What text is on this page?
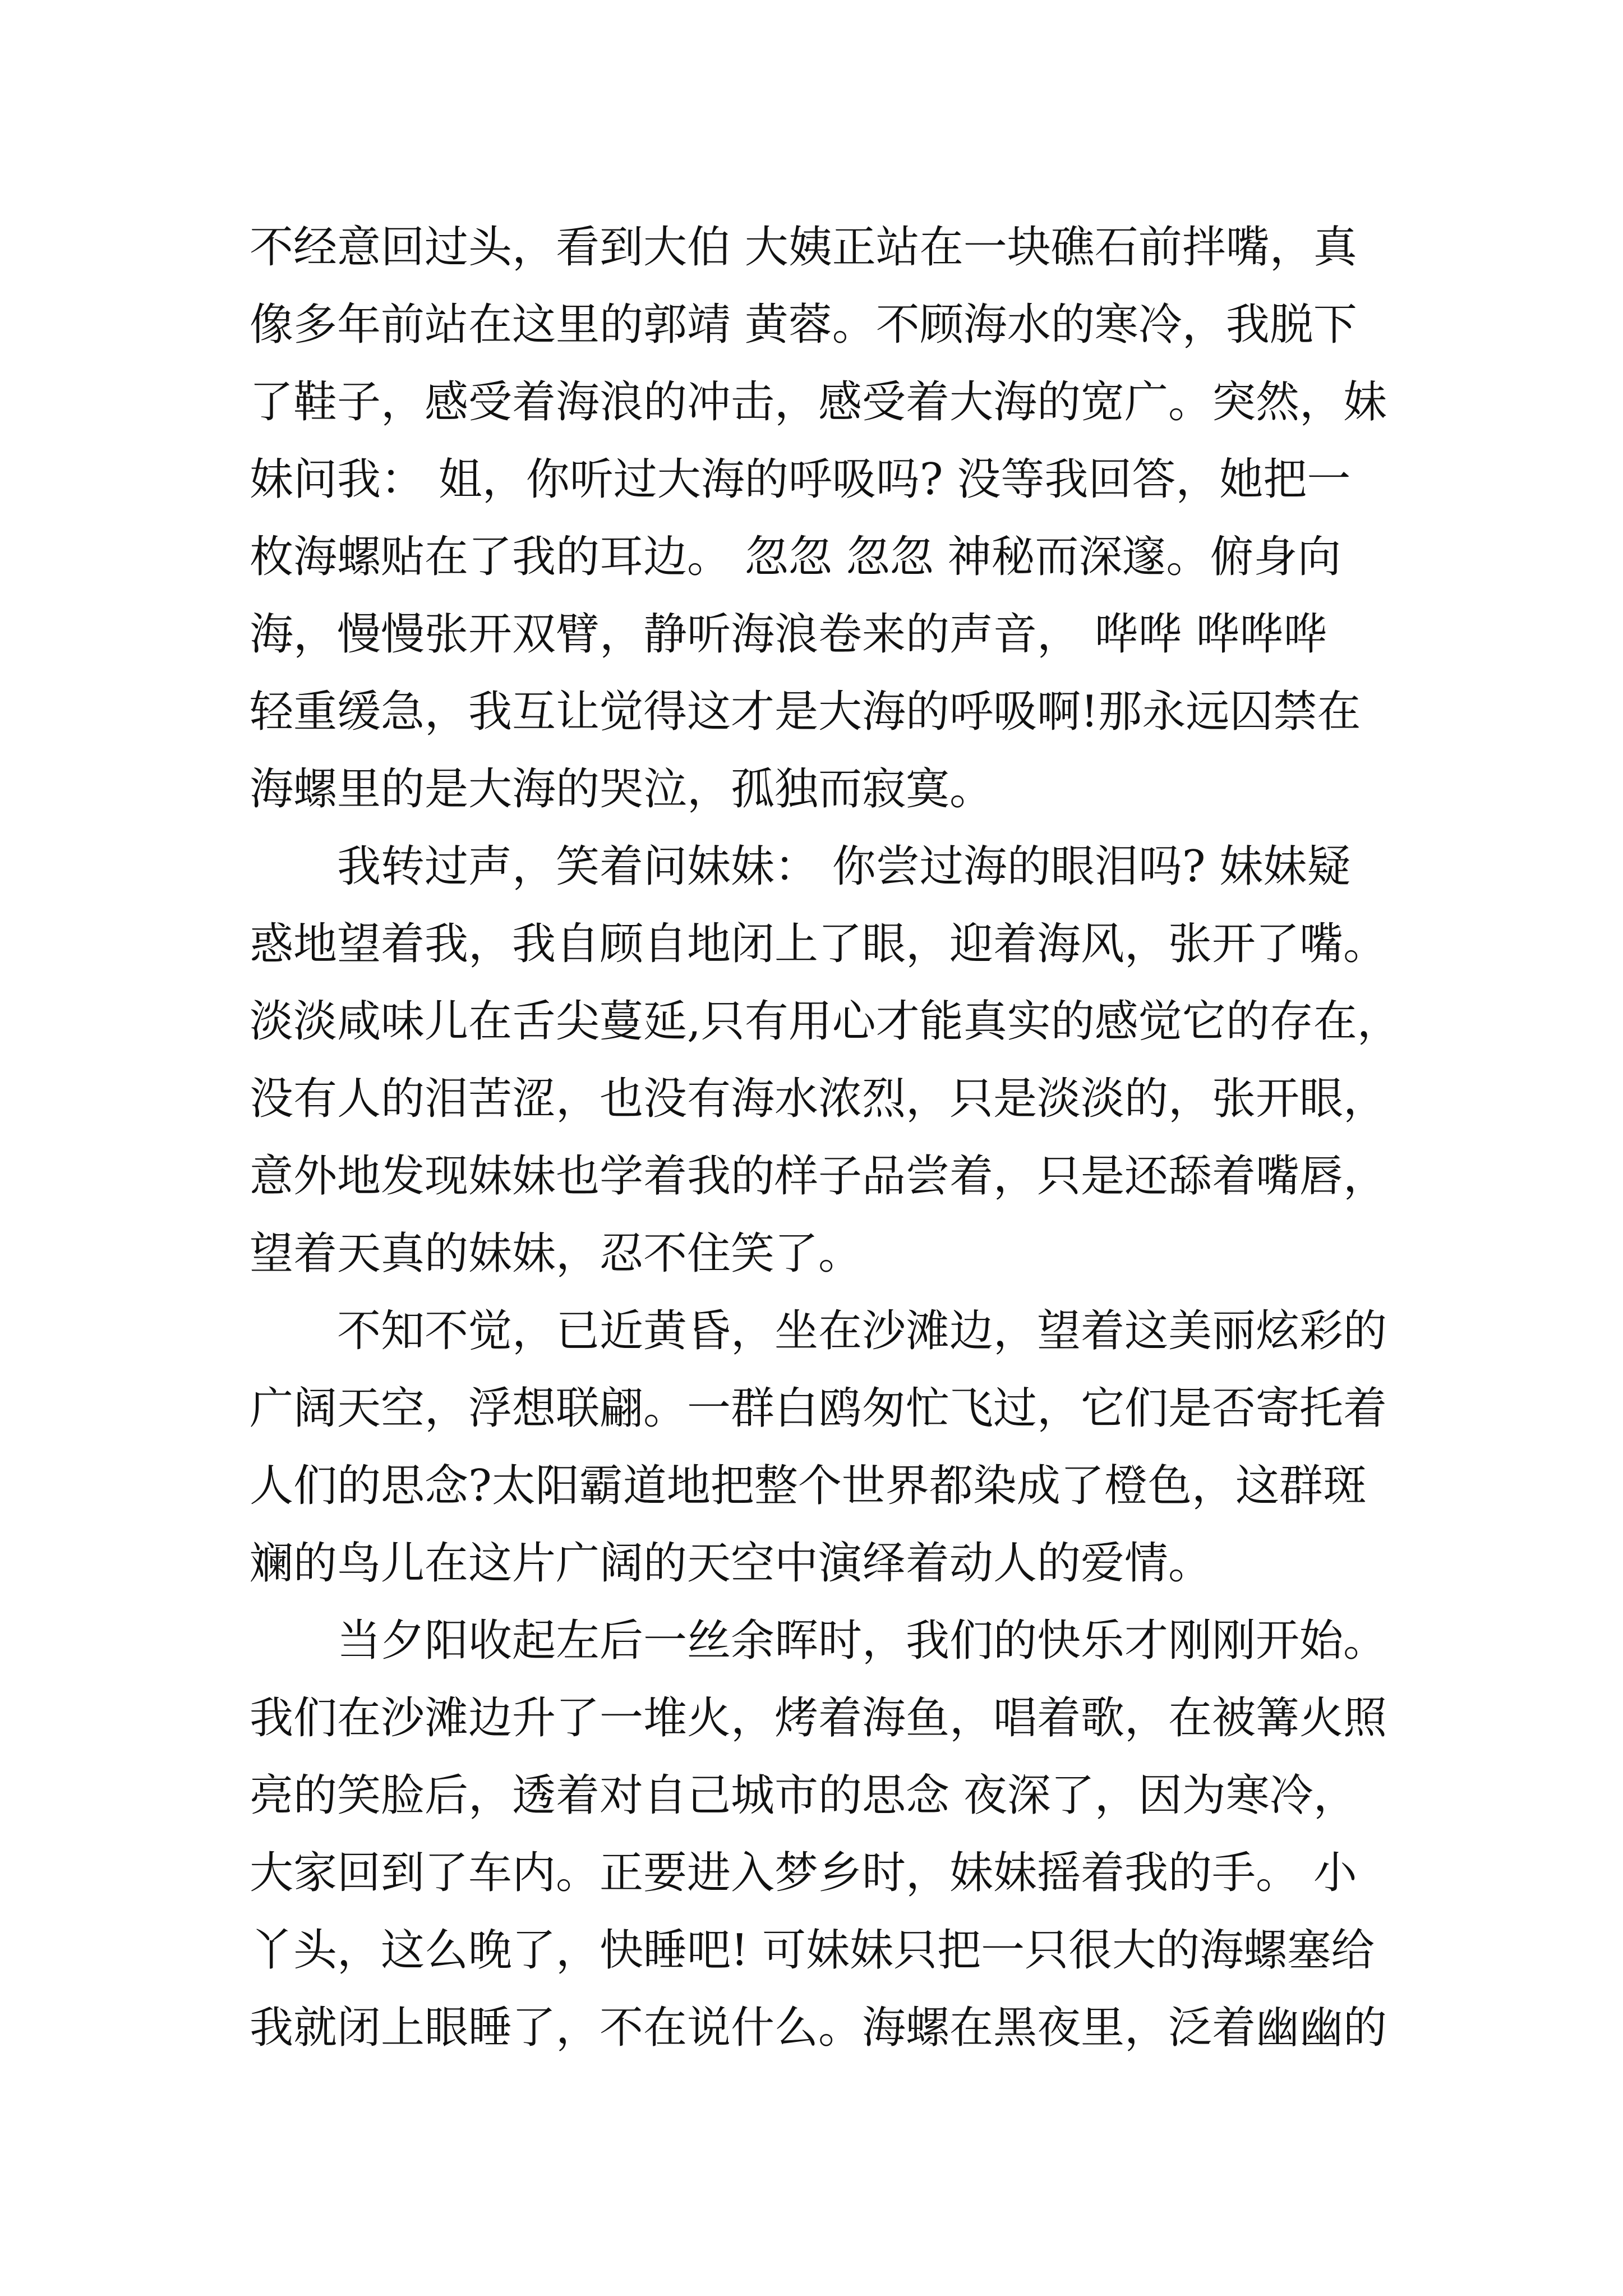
不经意回过头，看到大伯 大姨正站在一块礁石前拌嘴，真
像多年前站在这里的郭靖 黄蓉。不顾海水的寒冷，我脱下
了鞋子，感受着海浪的冲击，感受着大海的宽广。突然，妹
妹问我： 姐，你听过大海的呼吸吗? 没等我回答，她把一
枚海螺贴在了我的耳边。 忽忽 忽忽 神秘而深邃。俯身向
海，慢慢张开双臂，静听海浪卷来的声音， 哗哗 哗哗哗
轻重缓急，我互让觉得这才是大海的呼吸啊!那永远囚禁在
海螺里的是大海的哭泣，孤独而寂寞。
　　我转过声，笑着问妹妹： 你尝过海的眼泪吗? 妹妹疑
惑地望着我，我自顾自地闭上了眼，迎着海风，张开了嘴。
淡淡咸味儿在舌尖蔓延,只有用心才能真实的感觉它的存在，
没有人的泪苦涩，也没有海水浓烈，只是淡淡的，张开眼，
意外地发现妹妹也学着我的样子品尝着，只是还舔着嘴唇，
望着天真的妹妹，忍不住笑了。
　　不知不觉，已近黄昏，坐在沙滩边，望着这美丽炫彩的
广阔天空，浮想联翩。一群白鸥匆忙飞过，它们是否寄托着
人们的思念?太阳霸道地把整个世界都染成了橙色，这群斑
斓的鸟儿在这片广阔的天空中演绎着动人的爱情。
　　当夕阳收起左后一丝余晖时，我们的快乐才刚刚开始。
我们在沙滩边升了一堆火，烤着海鱼，唱着歌，在被篝火照
亮的笑脸后，透着对自己城市的思念 夜深了，因为寒冷，
大家回到了车内。正要进入梦乡时，妹妹摇着我的手。 小
丫头，这么晚了，快睡吧! 可妹妹只把一只很大的海螺塞给
我就闭上眼睡了，不在说什么。海螺在黑夜里，泛着幽幽的
